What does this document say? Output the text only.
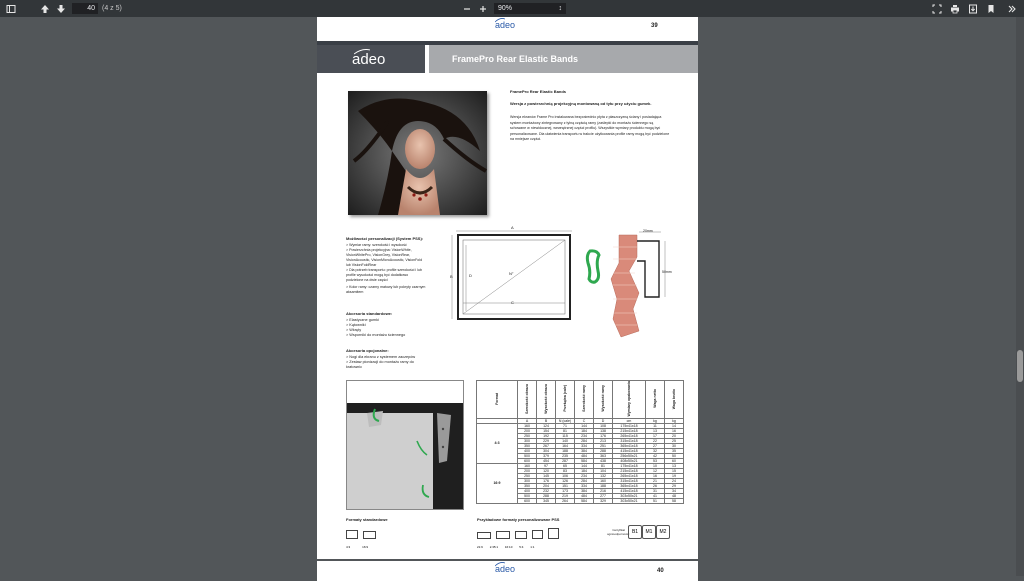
40	(4 z 5)	90%	↕
adeo	39
adeo	FramePro Rear Elastic Bands
FramePro Rear Elastic Bands
Wersja z powierzchnią projekcyjną montowaną od tyłu przy użyciu gumek.
Wersja ekranów Frame Pro instalowana bezpośrednio płyta z płaszczyzną ściany i posiadająca system montażowy zintegrowany z tylną częścią ramy (zaślepki do montażu ściennego są schowane w niewidocznej, wewnętrznej części profilu). Wszystkie wymiary produktu mogą być personalizowane. Dla ułatwienia transportu w trakcie użytkowania profile ramy mogą być podzielone na mniejsze części.
Możliwości personalizacji (System PSS):
> Wymiar ramy: szerokość i wysokość
> Powierzchnia projekcyjna: VisionWhite, VisionWhitePro, VisionGrey, VisionRear, VisionAcoustic, VisionMicroAcoustic, VisionFold lub VisionFoldRear
> Dla potrzeb transportu: profile szerokości i lub profile wysokości mogą być dodatkowo podzielone na dwie części
> Kolor ramy: czarny matowy lub pokryty czarnym aksamitem
Akcesoria standardowe:
> Elastyczne gumki
> Kątowniki
> Wkręty
> Wsporniki do montażu ściennego
Akcesoria opcjonalne:
> Nogi dla ekranu z systemem zaczepów
> Zestaw pionizacji do montażu ramy do kratownic
A
B	D	N°
C
20mm
50mm
Format	Szerokość obrazu	Wysokość obrazu	Przekątna (cale)	Szerokość ramy	Wysokość ramy	Wymiary opakowania	Waga netto	Waga brutto
	A	B	N (cale)	C	D	cm	kg	kg
4:3	160	124	71	144	108	175x41x18	11	14
	200	154	81	184	138	215x41x18	13	16
	250	192	115	234	176	265x41x18	17	20
	300	229	140	284	213	315x41x18	22	25
	350	267	164	334	251	365x41x18	27	30
	400	304	188	384	288	415x41x18	32	35
	500	379	235	484	363	256x50x21	42	50
	600	454	287	584	438	408x50x21	53	60
16:9	160	97	65	144	81	175x41x18	10	13
	200	120	83	184	104	215x41x18	12	15
	250	145	106	234	132	265x41x18	16	19
	300	176	126	284	160	315x41x18	21	24
	350	204	151	334	188	365x41x18	26	29
	400	232	173	384	216	415x41x18	31	34
	500	288	219	484	277	303x50x21	41	48
	600	345	264	584	329	303x50x21	51	58
Formaty standardowe
4:3	16:9
Przykładowe formaty personalizowane PSS
21:9 2.35:1 16:10 5:4 1:1
Certyfikat ognioodporności: B1	M1	M2
adeo	40
